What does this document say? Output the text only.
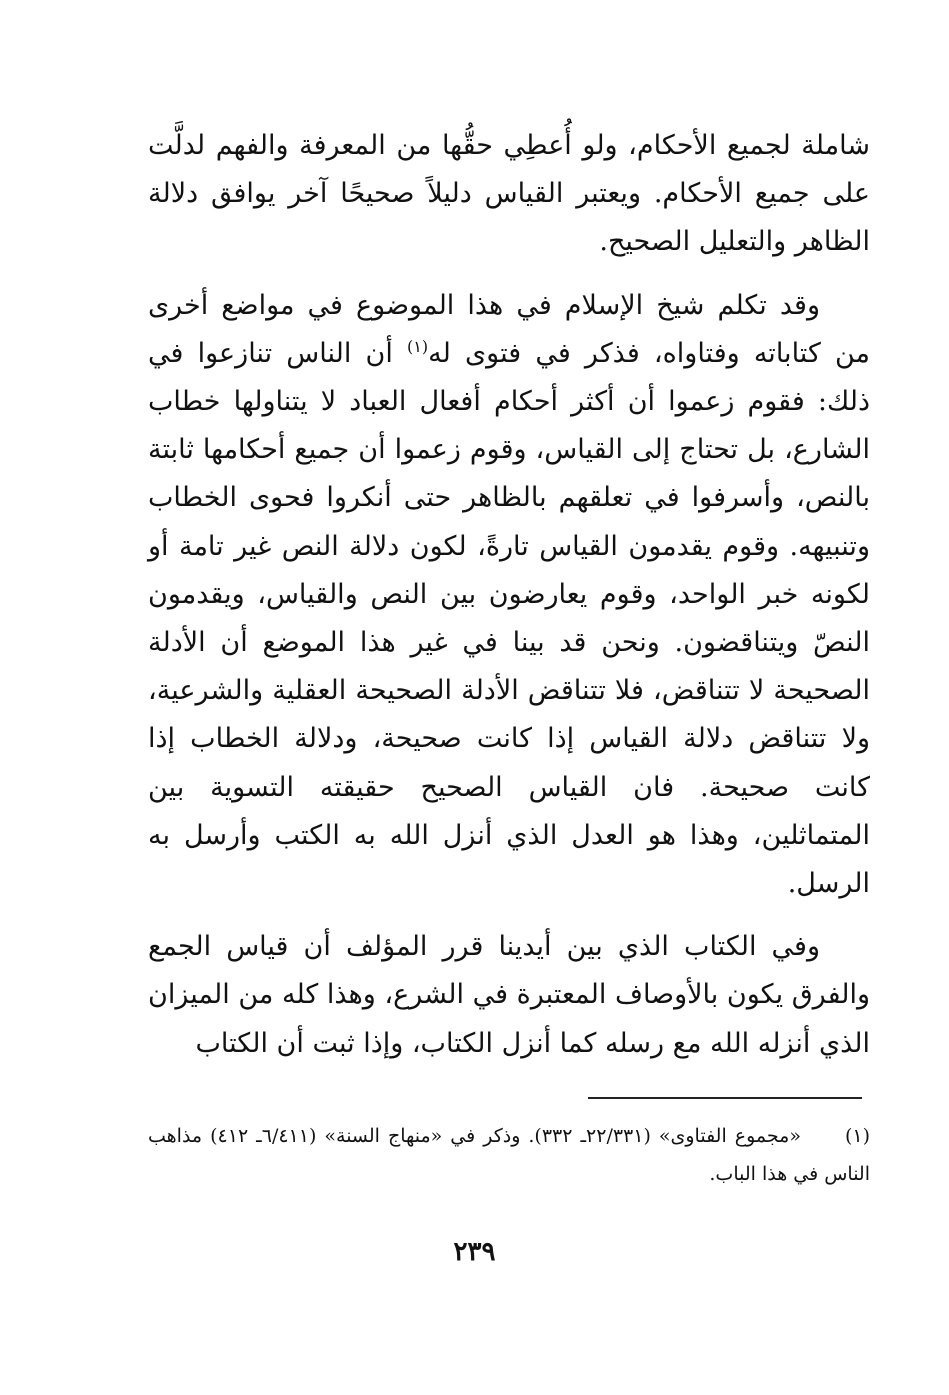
شاملة لجميع الأحكام، ولو أُعطِي حقُّها من المعرفة والفهم لدلَّت على جميع الأحكام. ويعتبر القياس دليلاً صحيحًا آخر يوافق دلالة الظاهر والتعليل الصحيح.

وقد تكلم شيخ الإسلام في هذا الموضوع في مواضع أخرى من كتاباته وفتاواه، فذكر في فتوى له$^{(١)}$ أن الناس تنازعوا في ذلك: فقوم زعموا أن أكثر أحكام أفعال العباد لا يتناولها خطاب الشارع، بل تحتاج إلى القياس، وقوم زعموا أن جميع أحكامها ثابتة بالنص، وأسرفوا في تعلقهم بالظاهر حتى أنكروا فحوى الخطاب وتنبيهه. وقوم يقدمون القياس تارةً، لكون دلالة النص غير تامة أو لكونه خبر الواحد، وقوم يعارضون بين النص والقياس، ويقدمون النصّ ويتناقضون. ونحن قد بينا في غير هذا الموضع أن الأدلة الصحيحة لا تتناقض، فلا تتناقض الأدلة الصحيحة العقلية والشرعية، ولا تتناقض دلالة القياس إذا كانت صحيحة، ودلالة الخطاب إذا كانت صحيحة. فان القياس الصحيح حقيقته التسوية بين المتماثلين، وهذا هو العدل الذي أنزل الله به الكتب وأرسل به الرسل.

وفي الكتاب الذي بين أيدينا قرر المؤلف أن قياس الجمع والفرق يكون بالأوصاف المعتبرة في الشرع، وهذا كله من الميزان الذي أنزله الله مع رسله كما أنزل الكتاب، وإذا ثبت أن الكتاب

(١)«مجموع الفتاوى» (٢٢/٣٣١ـ ٣٣٢). وذكر في «منهاج السنة» (٦/٤١١ـ ٤١٢) مذاهب الناس في هذا الباب.

٢٣٩
